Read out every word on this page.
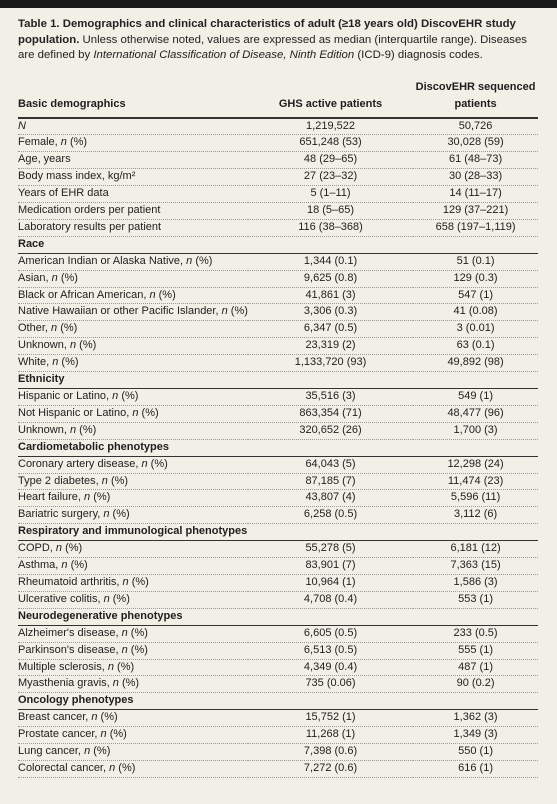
Table 1. Demographics and clinical characteristics of adult (≥18 years old) DiscovEHR study population. Unless otherwise noted, values are expressed as median (interquartile range). Diseases are defined by International Classification of Disease, Ninth Edition (ICD-9) diagnosis codes.
Basic demographics	GHS active patients	DiscovEHR sequenced patients
N	1,219,522	50,726
Female, n (%)	651,248 (53)	30,028 (59)
Age, years	48 (29–65)	61 (48–73)
Body mass index, kg/m²	27 (23–32)	30 (28–33)
Years of EHR data	5 (1–11)	14 (11–17)
Medication orders per patient	18 (5–65)	129 (37–221)
Laboratory results per patient	116 (38–368)	658 (197–1,119)
Race		
American Indian or Alaska Native, n (%)	1,344 (0.1)	51 (0.1)
Asian, n (%)	9,625 (0.8)	129 (0.3)
Black or African American, n (%)	41,861 (3)	547 (1)
Native Hawaiian or other Pacific Islander, n (%)	3,306 (0.3)	41 (0.08)
Other, n (%)	6,347 (0.5)	3 (0.01)
Unknown, n (%)	23,319 (2)	63 (0.1)
White, n (%)	1,133,720 (93)	49,892 (98)
Ethnicity		
Hispanic or Latino, n (%)	35,516 (3)	549 (1)
Not Hispanic or Latino, n (%)	863,354 (71)	48,477 (96)
Unknown, n (%)	320,652 (26)	1,700 (3)
Cardiometabolic phenotypes		
Coronary artery disease, n (%)	64,043 (5)	12,298 (24)
Type 2 diabetes, n (%)	87,185 (7)	11,474 (23)
Heart failure, n (%)	43,807 (4)	5,596 (11)
Bariatric surgery, n (%)	6,258 (0.5)	3,112 (6)
Respiratory and immunological phenotypes		
COPD, n (%)	55,278 (5)	6,181 (12)
Asthma, n (%)	83,901 (7)	7,363 (15)
Rheumatoid arthritis, n (%)	10,964 (1)	1,586 (3)
Ulcerative colitis, n (%)	4,708 (0.4)	553 (1)
Neurodegenerative phenotypes		
Alzheimer's disease, n (%)	6,605 (0.5)	233 (0.5)
Parkinson's disease, n (%)	6,513 (0.5)	555 (1)
Multiple sclerosis, n (%)	4,349 (0.4)	487 (1)
Myasthenia gravis, n (%)	735 (0.06)	90 (0.2)
Oncology phenotypes		
Breast cancer, n (%)	15,752 (1)	1,362 (3)
Prostate cancer, n (%)	11,268 (1)	1,349 (3)
Lung cancer, n (%)	7,398 (0.6)	550 (1)
Colorectal cancer, n (%)	7,272 (0.6)	616 (1)
